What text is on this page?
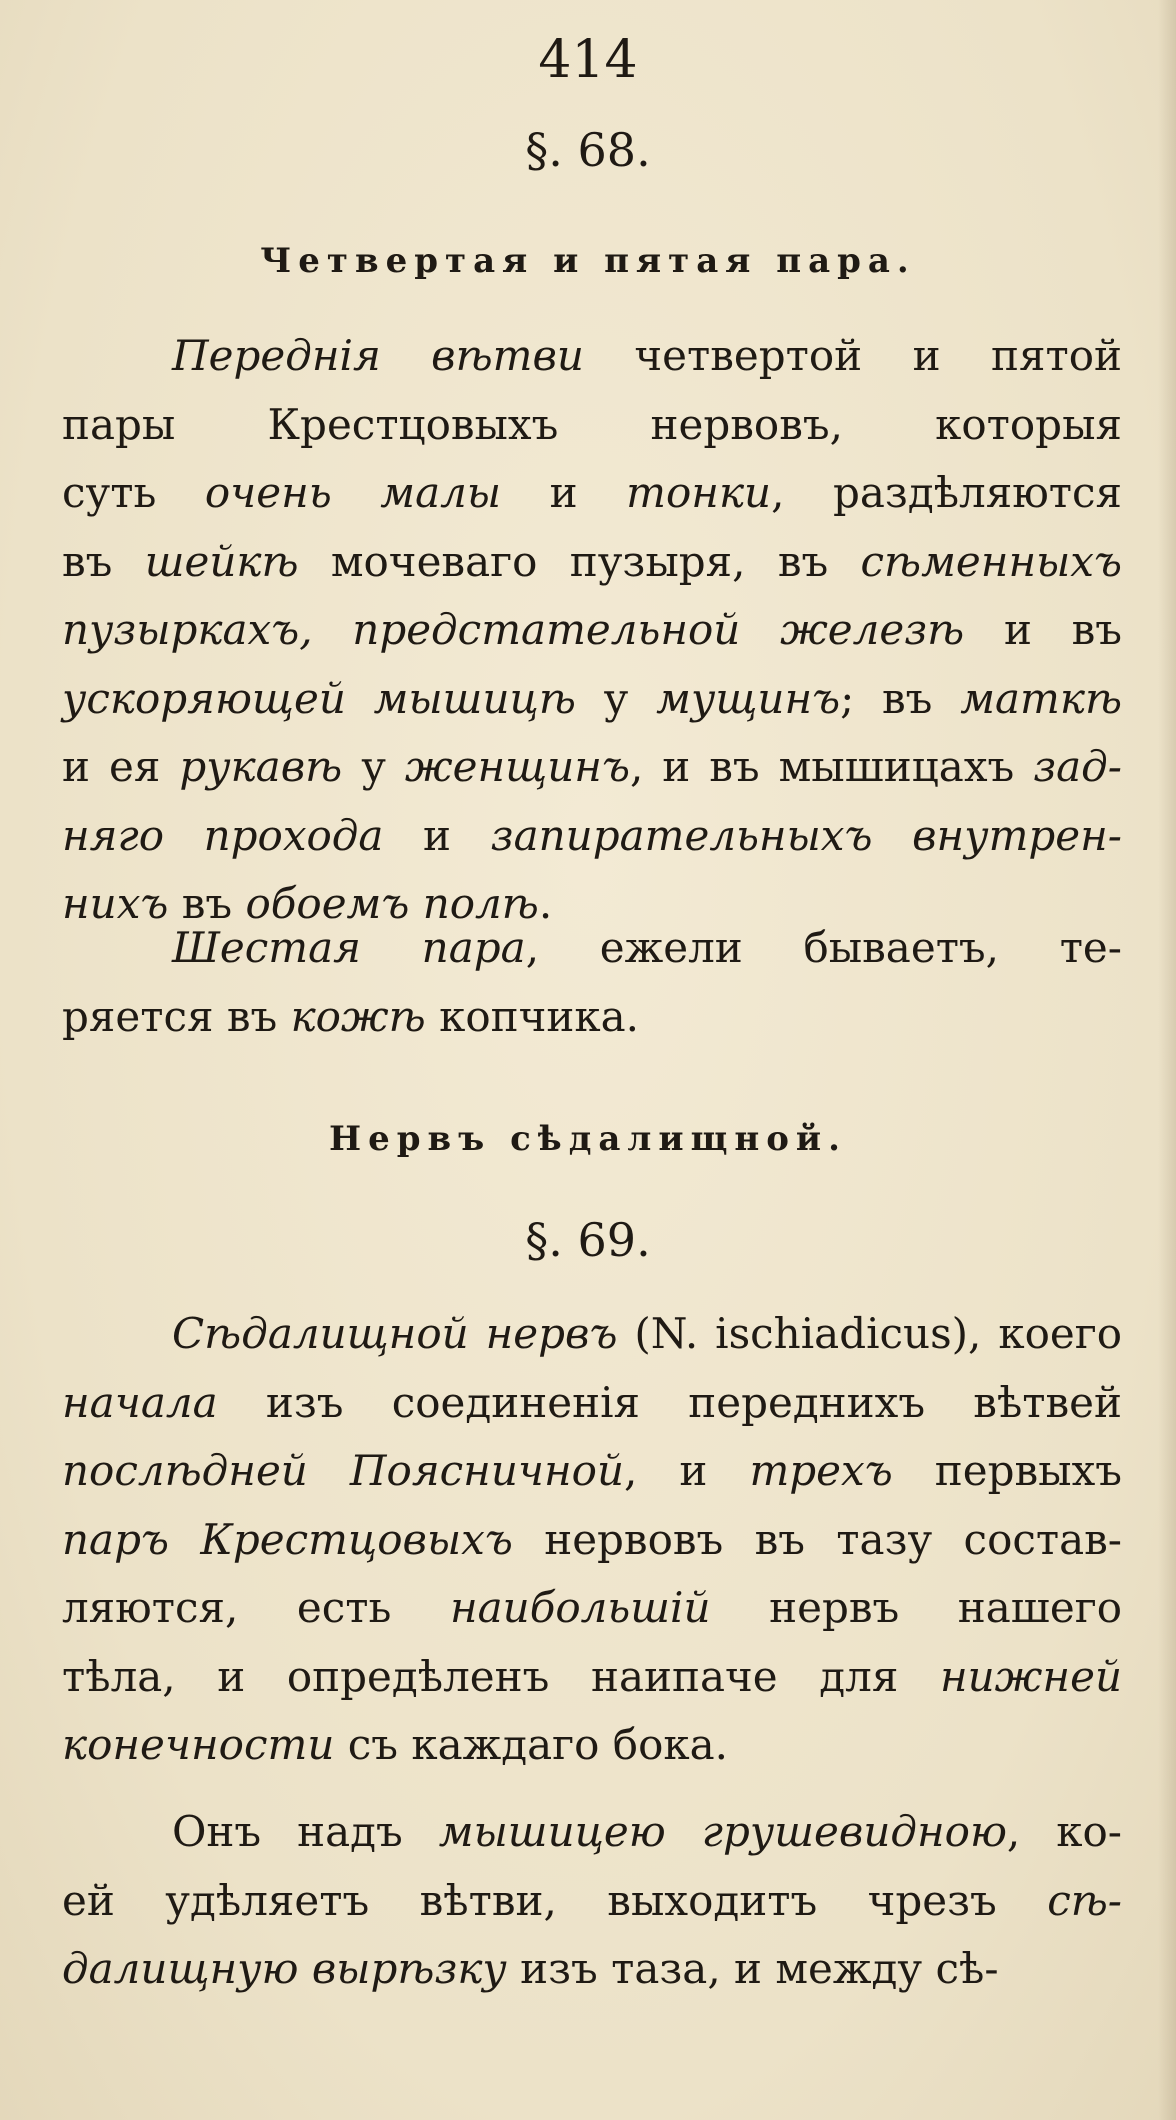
414
§. 68.
Четвертая и пятая пара.
Переднія вѣтви четвертой и пятой
пары Крестцовыхъ нервовъ, которыя
суть очень малы и тонки, раздѣляются
въ шейкѣ мочеваго пузыря, въ сѣменныхъ
пузыркахъ, предстательной железѣ и въ
ускоряющей мышицѣ у мущинъ; въ маткѣ
и ея рукавѣ у женщинъ, и въ мышицахъ зад-
няго прохода и запирательныхъ внутрен-
нихъ въ обоемъ полѣ.
Шестая пара, ежели бываетъ, те-
ряется въ кожѣ копчика.
Нервъ сѣдалищной.
§. 69.
Сѣдалищной нервъ (N. ischiadicus), коего
начала изъ соединенія переднихъ вѣтвей
послѣдней Поясничной, и трехъ первыхъ
паръ Крестцовыхъ нервовъ въ тазу состав-
ляются, есть наибольшій нервъ нашего
тѣла, и опредѣленъ наипаче для нижней
конечности съ каждаго бока.
Онъ надъ мышицею грушевидною, ко-
ей удѣляетъ вѣтви, выходитъ чрезъ сѣ-
далищную вырѣзку изъ таза, и между сѣ-
